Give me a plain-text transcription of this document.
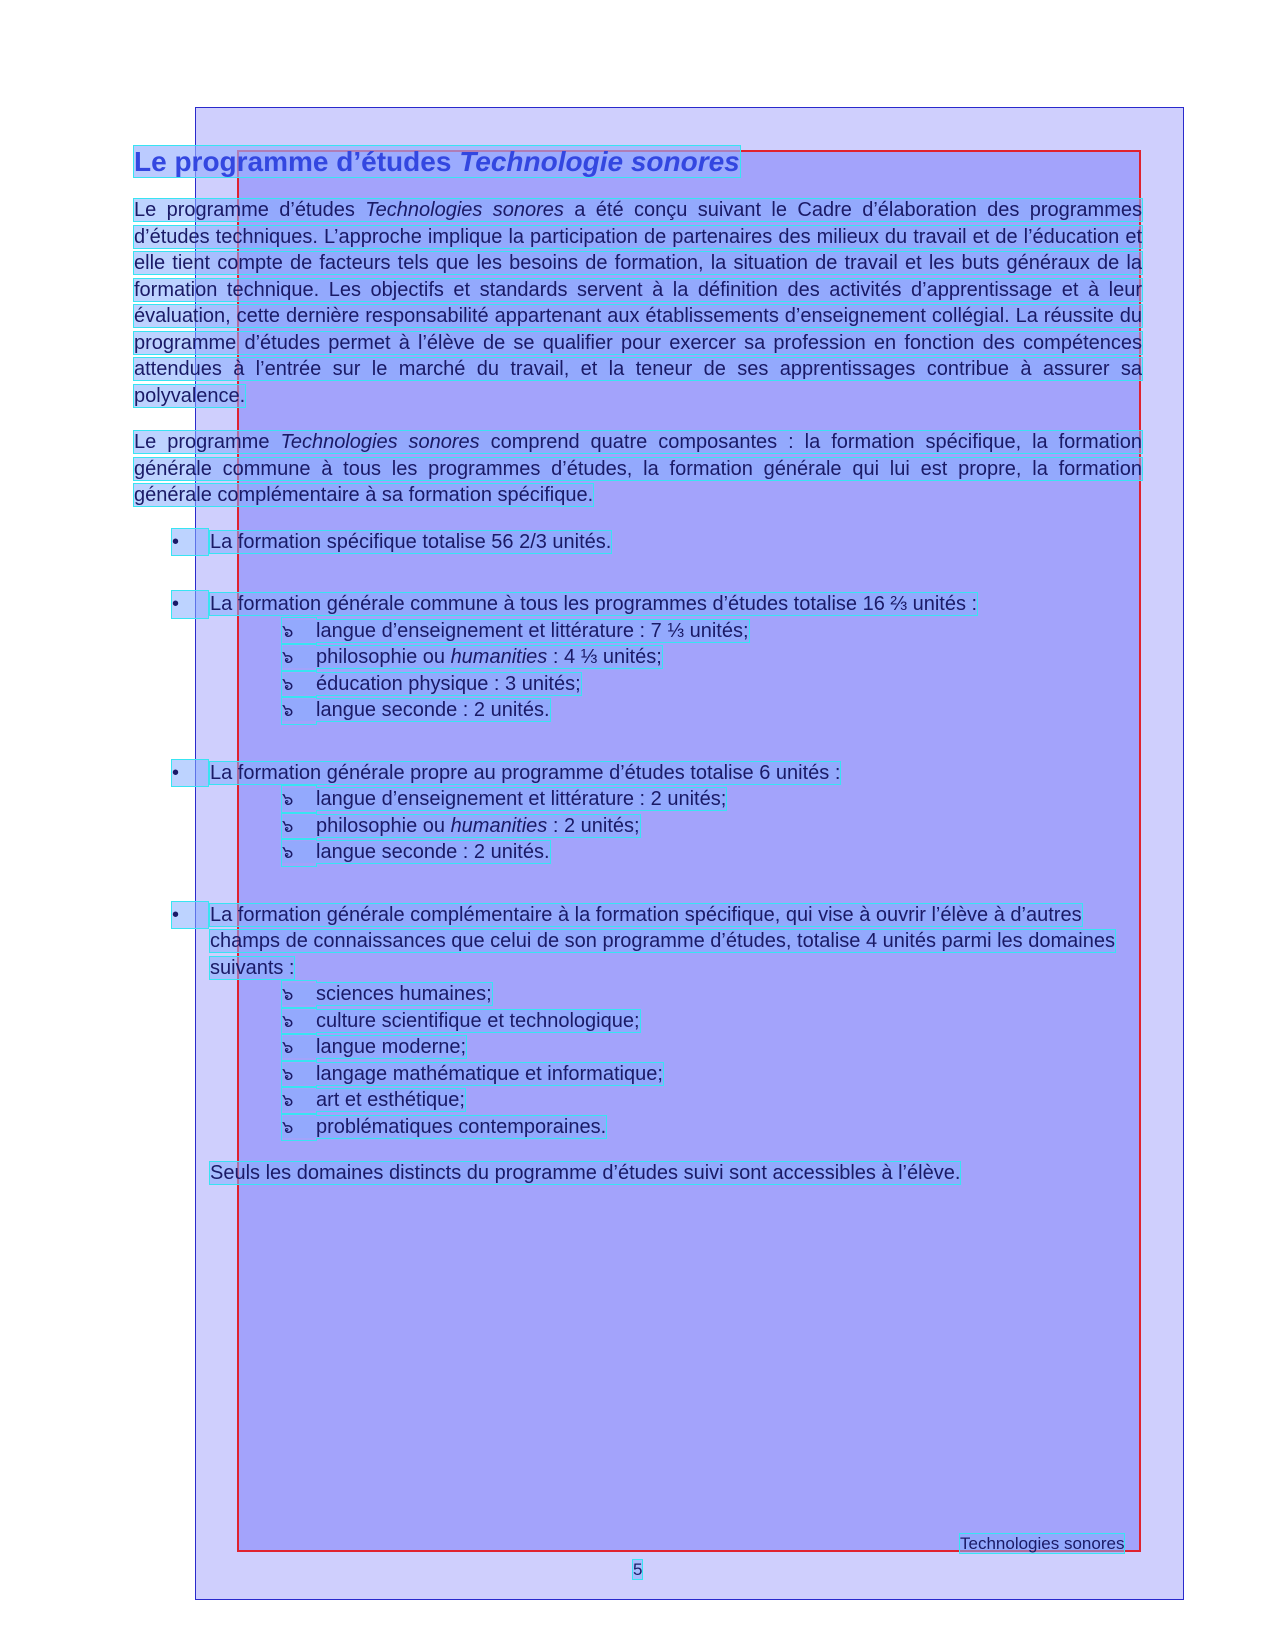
Le programme d’études Technologie sonores

Le programme d’études Technologies sonores a été conçu suivant le Cadre d’élaboration des programmes d’études techniques. L’approche implique la participation de partenaires des milieux du travail et de l’éducation et elle tient compte de facteurs tels que les besoins de formation, la situation de travail et les buts généraux de la formation technique. Les objectifs et standards servent à la définition des activités d’apprentissage et à leur évaluation, cette dernière responsabilité appartenant aux établissements d’enseignement collégial. La réussite du programme d’études permet à l’élève de se qualifier pour exercer sa profession en fonction des compétences attendues à l’entrée sur le marché du travail, et la teneur de ses apprentissages contribue à assurer sa polyvalence.

Le programme Technologies sonores comprend quatre composantes : la formation spécifique, la formation générale commune à tous les programmes d’études, la formation générale qui lui est propre, la formation générale complémentaire à sa formation spécifique.

•	La formation spécifique totalise 56 2/3 unités.
•	La formation générale commune à tous les programmes d’études totalise 16 ⅔ unités :
๖ langue d’enseignement et littérature : 7 ⅓ unités;
๖ philosophie ou humanities : 4 ⅓ unités;
๖ éducation physique : 3 unités;
๖ langue seconde : 2 unités.
•	La formation générale propre au programme d’études totalise 6 unités :
๖ langue d’enseignement et littérature : 2 unités;
๖ philosophie ou humanities : 2 unités;
๖ langue seconde : 2 unités.
•	La formation générale complémentaire à la formation spécifique, qui vise à ouvrir l’élève à d’autres champs de connaissances que celui de son programme d’études, totalise 4 unités parmi les domaines suivants :
๖ sciences humaines;
๖ culture scientifique et technologique;
๖ langue moderne;
๖ langage mathématique et informatique;
๖ art et esthétique;
๖ problématiques contemporaines.
Seuls les domaines distincts du programme d’études suivi sont accessibles à l’élève.
Technologies sonores
5
